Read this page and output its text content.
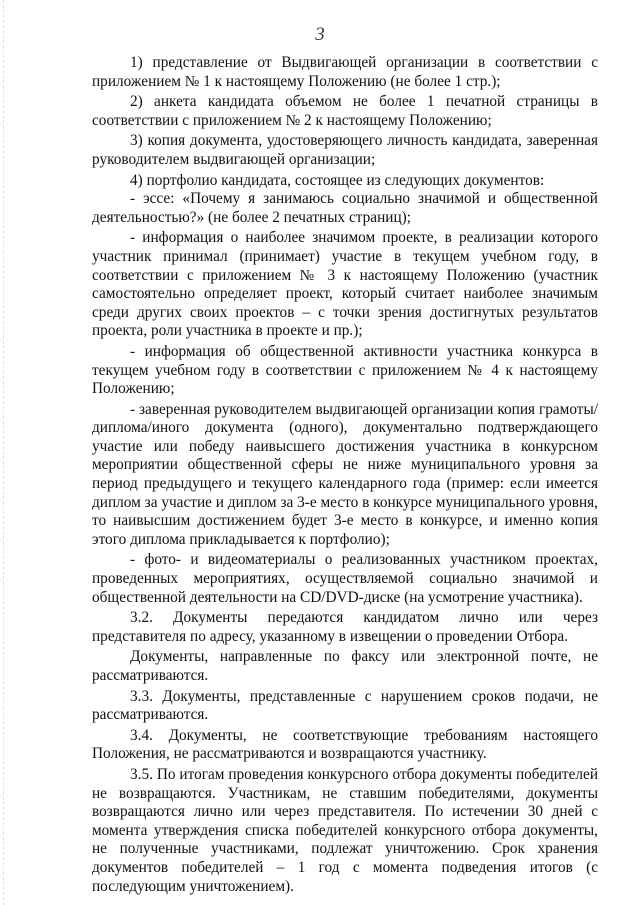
3

1) представление от Выдвигающей организации в соответствии с приложением № 1 к настоящему Положению (не более 1 стр.);

2) анкета кандидата объемом не более 1 печатной страницы в соответствии с приложением № 2 к настоящему Положению;

3) копия документа, удостоверяющего личность кандидата, заверенная руководителем выдвигающей организации;

4) портфолио кандидата, состоящее из следующих документов:

- эссе: «Почему я занимаюсь социально значимой и общественной деятельностью?» (не более 2 печатных страниц);

- информация о наиболее значимом проекте, в реализации которого участник принимал (принимает) участие в текущем учебном году, в соответствии с приложением № 3 к настоящему Положению (участник самостоятельно определяет проект, который считает наиболее значимым среди других своих проектов – с точки зрения достигнутых результатов проекта, роли участника в проекте и пр.);

- информация об общественной активности участника конкурса в текущем учебном году в соответствии с приложением № 4 к настоящему Положению;

- заверенная руководителем выдвигающей организации копия грамоты/диплома/иного документа (одного), документально подтверждающего участие или победу наивысшего достижения участника в конкурсном мероприятии общественной сферы не ниже муниципального уровня за период предыдущего и текущего календарного года (пример: если имеется диплом за участие и диплом за 3-е место в конкурсе муниципального уровня, то наивысшим достижением будет 3-е место в конкурсе, и именно копия этого диплома прикладывается к портфолио);

- фото- и видеоматериалы о реализованных участником проектах, проведенных мероприятиях, осуществляемой социально значимой и общественной деятельности на CD/DVD-диске (на усмотрение участника).

3.2. Документы передаются кандидатом лично или через представителя по адресу, указанному в извещении о проведении Отбора.

Документы, направленные по факсу или электронной почте, не рассматриваются.

3.3. Документы, представленные с нарушением сроков подачи, не рассматриваются.

3.4. Документы, не соответствующие требованиям настоящего Положения, не рассматриваются и возвращаются участнику.

3.5. По итогам проведения конкурсного отбора документы победителей не возвращаются. Участникам, не ставшим победителями, документы возвращаются лично или через представителя. По истечении 30 дней с момента утверждения списка победителей конкурсного отбора документы, не полученные участниками, подлежат уничтожению. Срок хранения документов победителей – 1 год с момента подведения итогов (с последующим уничтожением).
